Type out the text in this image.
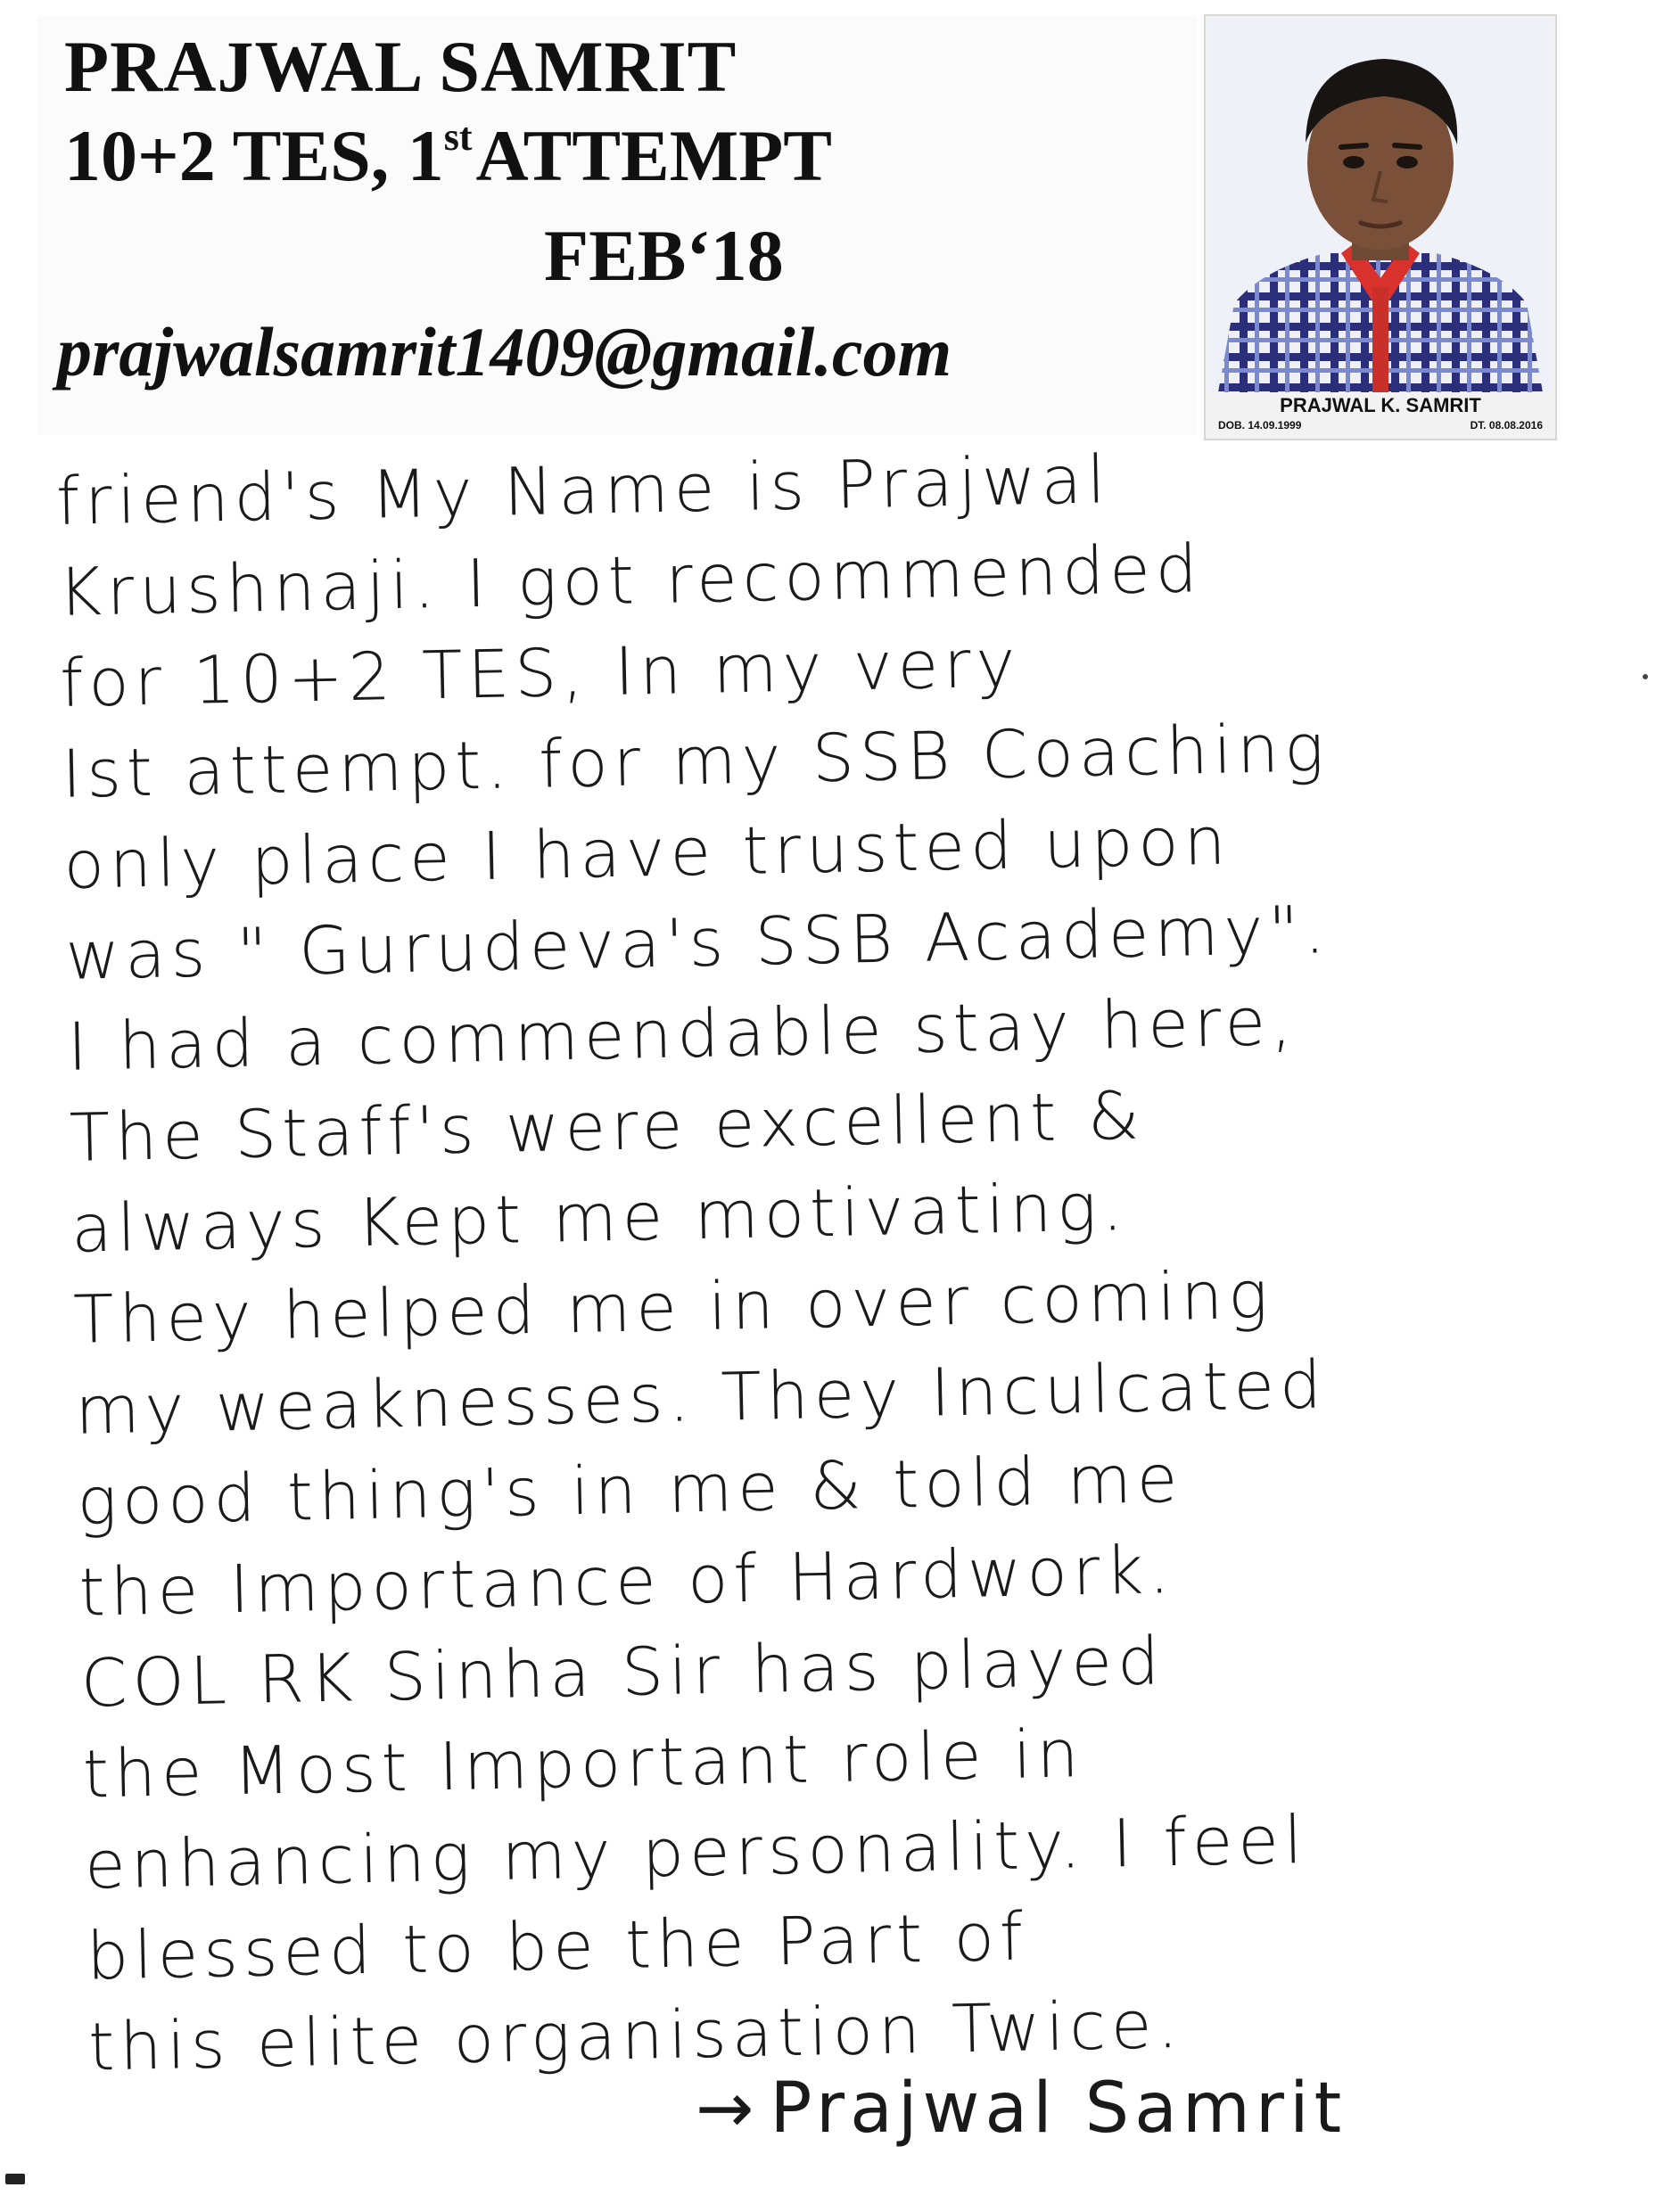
PRAJWAL SAMRIT
10+2 TES, 1stATTEMPT
FEB‘18

prajwalsamrit1409@gmail.com

PRAJWAL K. SAMRIT
DOB. 14.09.1999	DT. 08.08.2016
friend's My Name is Prajwal
Krushnaji. I got recommended
for 10+2 TES, In my very
Ist attempt. for my SSB Coaching
only place I have trusted upon
was " Gurudeva's SSB Academy".
I had a commendable stay here,
The Staff's were excellent &
always Kept me motivating.
They helped me in over coming
my weaknesses. They Inculcated
good thing's in me & told me
the Importance of Hardwork.
COL RK Sinha Sir has played
the Most Important role in
enhancing my personality. I feel
blessed to be the Part of
this elite organisation Twice.

→ Prajwal Samrit
